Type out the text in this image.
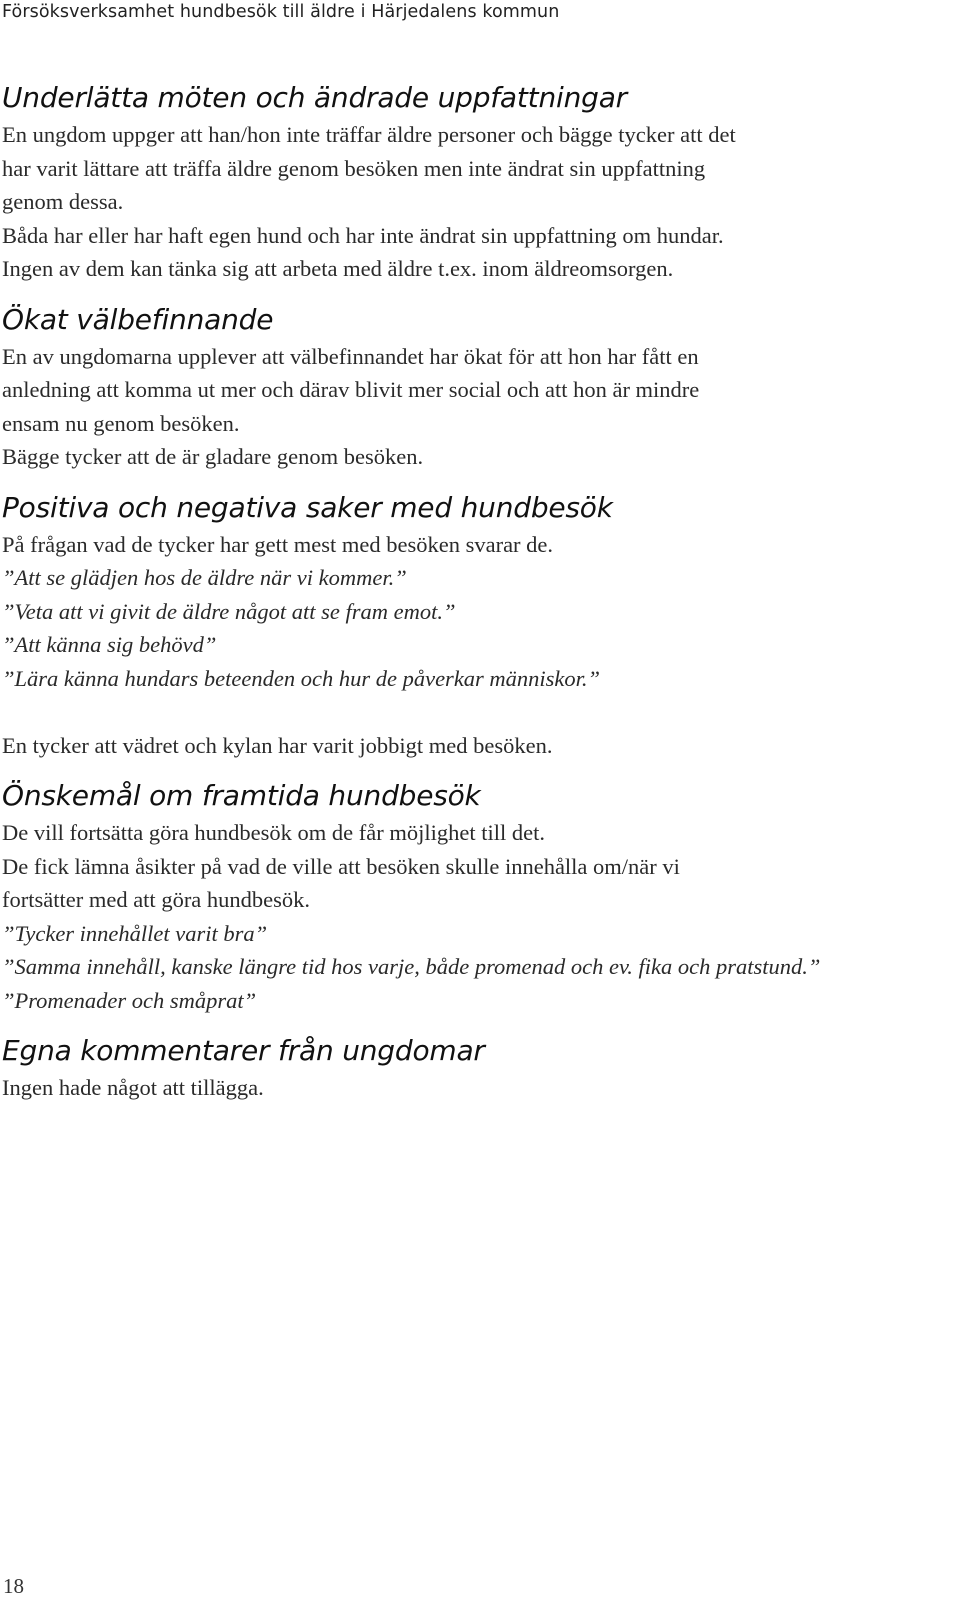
Försöksverksamhet hundbesök till äldre i Härjedalens kommun
Underlätta möten och ändrade uppfattningar

En ungdom uppger att han/hon inte träffar äldre personer och bägge tycker att det

har varit lättare att träffa äldre genom besöken men inte ändrat sin uppfattning

genom dessa.

Båda har eller har haft egen hund och har inte ändrat sin uppfattning om hundar.

Ingen av dem kan tänka sig att arbeta med äldre t.ex. inom äldreomsorgen.

Ökat välbefinnande

En av ungdomarna upplever att välbefinnandet har ökat för att hon har fått en

anledning att komma ut mer och därav blivit mer social och att hon är mindre

ensam nu genom besöken.

Bägge tycker att de är gladare genom besöken.

Positiva och negativa saker med hundbesök

På frågan vad de tycker har gett mest med besöken svarar de.

”Att se glädjen hos de äldre när vi kommer.”

”Veta att vi givit de äldre något att se fram emot.”

”Att känna sig behövd”

”Lära känna hundars beteenden och hur de påverkar människor.”

En tycker att vädret och kylan har varit jobbigt med besöken.

Önskemål om framtida hundbesök

De vill fortsätta göra hundbesök om de får möjlighet till det.

De fick lämna åsikter på vad de ville att besöken skulle innehålla om/när vi

fortsätter med att göra hundbesök.

”Tycker innehållet varit bra”

”Samma innehåll, kanske längre tid hos varje, både promenad och ev. fika och pratstund.”

”Promenader och småprat”

Egna kommentarer från ungdomar

Ingen hade något att tillägga.

18
